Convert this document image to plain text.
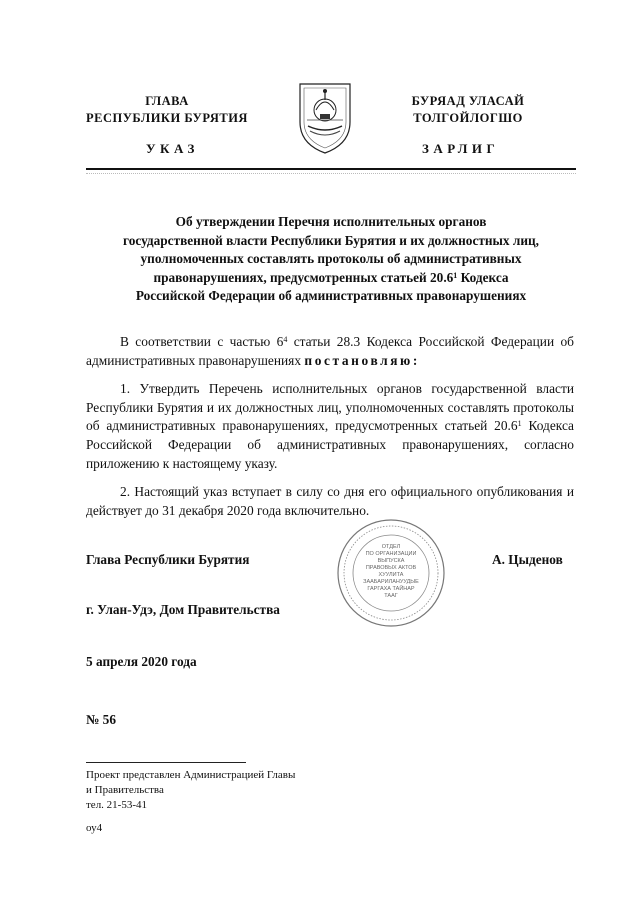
ГЛАВА
РЕСПУБЛИКИ БУРЯТИЯ
БУРЯАД УЛАСАЙ
ТОЛГОЙЛОГШО
УКАЗ	ЗАРЛИГ
Об утверждении Перечня исполнительных органов
государственной власти Республики Бурятия и их должностных лиц,
уполномоченных составлять протоколы об административных
правонарушениях, предусмотренных статьей 20.6$^1$ Кодекса
Российской Федерации об административных правонарушениях
В соответствии с частью $6^4$ статьи 28.3 Кодекса Российской Федерации об административных правонарушениях постановляю:
1. Утвердить Перечень исполнительных органов государственной власти Республики Бурятия и их должностных лиц, уполномоченных составлять протоколы об административных правонарушениях, предусмотренных статьей 20.6$^1$ Кодекса Российской Федерации об административных правонарушениях, согласно приложению к настоящему указу.
2. Настоящий указ вступает в силу со дня его официального опубликования и действует до 31 декабря 2020 года включительно.
Глава Республики Бурятия	А. Цыденов
ОТДЕЛ
ПО ОРГАНИЗАЦИИ
ВЫПУСКА
ПРАВОВЫХ АКТОВ
ХУУЛИТА
ЗААБАРИЛАНУУДЫЕ
ГАРГАХА ТАЙНАР
ТААГ
г. Улан-Удэ, Дом Правительства
5 апреля 2020 года
№ 56
Проект представлен Администрацией Главы
и Правительства
тел. 21-53-41
оу4
